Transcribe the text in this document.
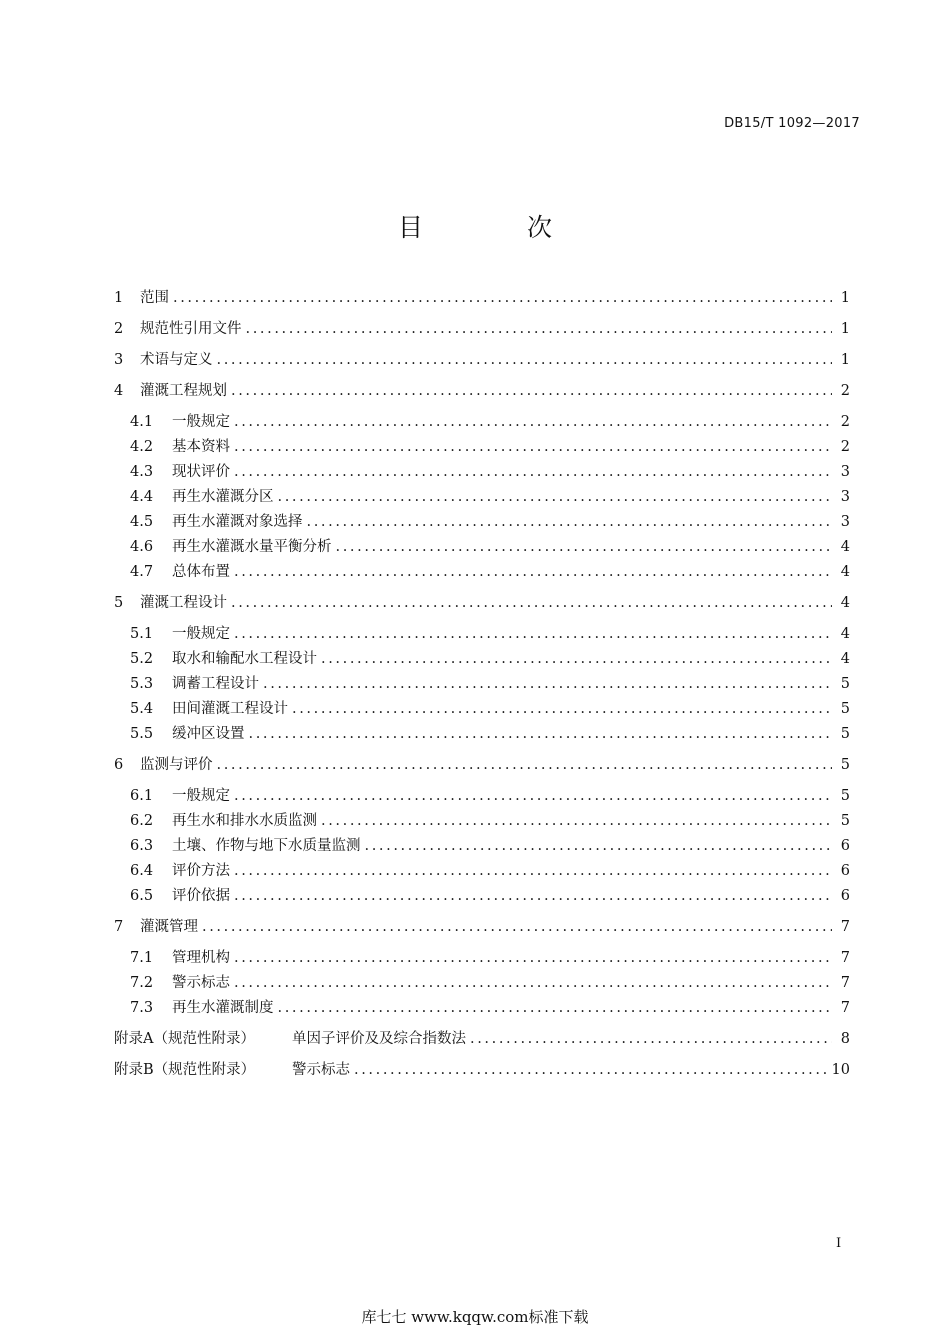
DB15/T 1092—2017
目 次
1	范围 .....	1
2	规范性引用文件 .....	1
3	术语与定义 .....	1
4	灌溉工程规划 .....	2
4.1	一般规定 .....	2
4.2	基本资料 .....	2
4.3	现状评价 .....	3
4.4	再生水灌溉分区 .....	3
4.5	再生水灌溉对象选择 .....	3
4.6	再生水灌溉水量平衡分析 .....	4
4.7	总体布置 .....	4
5	灌溉工程设计 .....	4
5.1	一般规定 .....	4
5.2	取水和输配水工程设计 .....	4
5.3	调蓄工程设计 .....	5
5.4	田间灌溉工程设计 .....	5
5.5	缓冲区设置 .....	5
6	监测与评价 .....	5
6.1	一般规定 .....	5
6.2	再生水和排水水质监测 .....	5
6.3	土壤、作物与地下水质量监测 .....	6
6.4	评价方法 .....	6
6.5	评价依据 .....	6
7	灌溉管理 .....	7
7.1	管理机构 .....	7
7.2	警示标志 .....	7
7.3	再生水灌溉制度 .....	7
附录A（规范性附录）	单因子评价及及综合指数法 .....	8
附录B（规范性附录）	警示标志 .....	10
I
库七七 www.kqqw.com标准下载
